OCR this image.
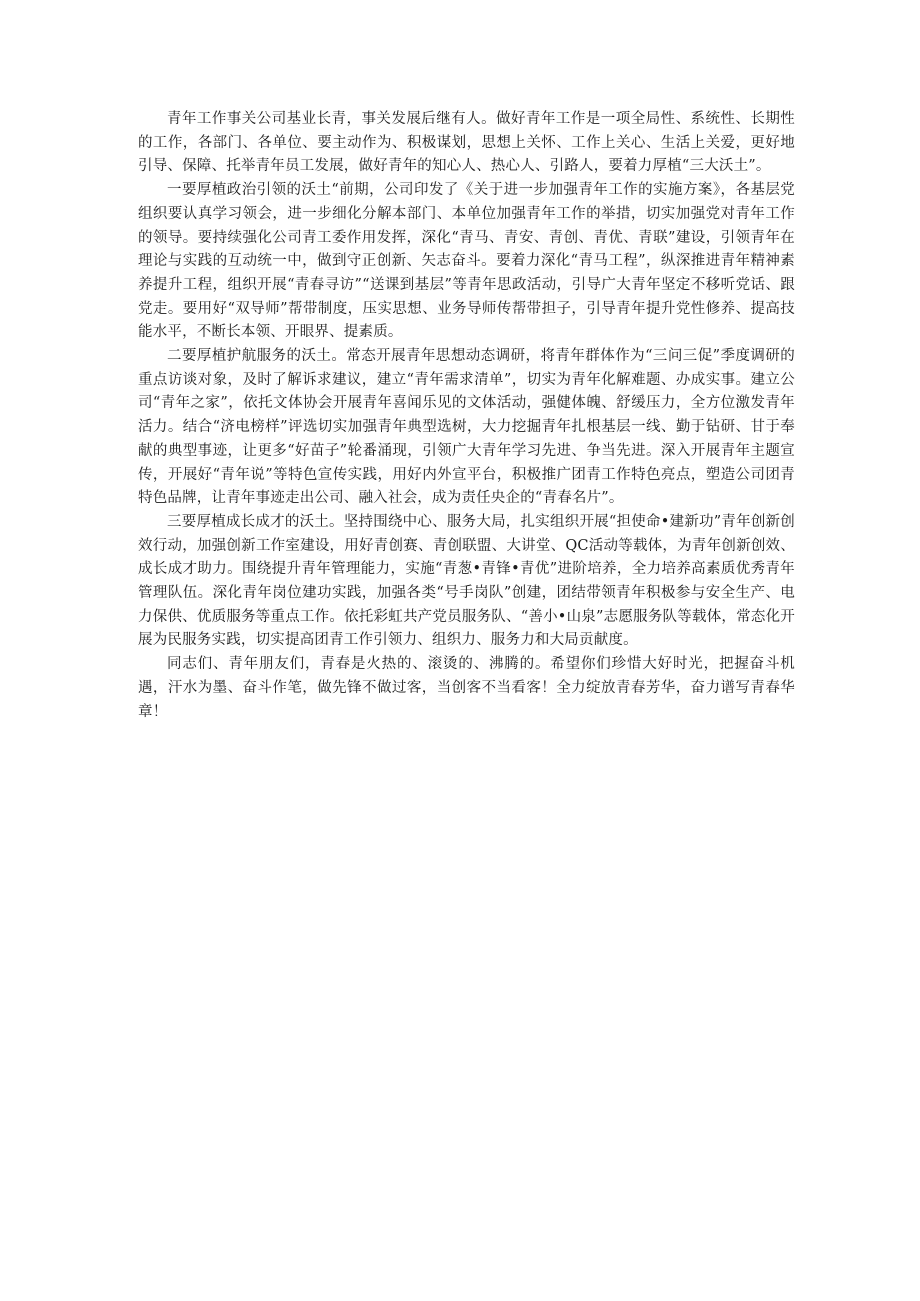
青年工作事关公司基业长青，事关发展后继有人。做好青年工作是一项全局性、系统性、长期性的工作，各部门、各单位、要主动作为、积极谋划，思想上关怀、工作上关心、生活上关爱，更好地引导、保障、托举青年员工发展，做好青年的知心人、热心人、引路人，要着力厚植“三大沃土”。

一要厚植政治引领的沃土“前期，公司印发了《关于进一步加强青年工作的实施方案》，各基层党组织要认真学习领会，进一步细化分解本部门、本单位加强青年工作的举措，切实加强党对青年工作的领导。要持续强化公司青工委作用发挥，深化“青马、青安、青创、青优、青联”建设，引领青年在理论与实践的互动统一中，做到守正创新、矢志奋斗。要着力深化“青马工程”，纵深推进青年精神素养提升工程，组织开展“青春寻访”“送课到基层”等青年思政活动，引导广大青年坚定不移听党话、跟党走。要用好“双导师”帮带制度，压实思想、业务导师传帮带担子，引导青年提升党性修养、提高技能水平，不断长本领、开眼界、提素质。

二要厚植护航服务的沃土。常态开展青年思想动态调研，将青年群体作为“三问三促”季度调研的重点访谈对象，及时了解诉求建议，建立“青年需求清单”，切实为青年化解难题、办成实事。建立公司“青年之家”，依托文体协会开展青年喜闻乐见的文体活动，强健体魄、舒缓压力，全方位激发青年活力。结合“济电榜样”评选切实加强青年典型选树，大力挖掘青年扎根基层一线、勤于钻研、甘于奉献的典型事迹，让更多“好苗子”轮番涌现，引领广大青年学习先进、争当先进。深入开展青年主题宣传，开展好“青年说”等特色宣传实践，用好内外宣平台，积极推广团青工作特色亮点，塑造公司团青特色品牌，让青年事迹走出公司、融入社会，成为责任央企的“青春名片”。

三要厚植成长成才的沃土。坚持围绕中心、服务大局，扎实组织开展“担使命•建新功”青年创新创效行动，加强创新工作室建设，用好青创赛、青创联盟、大讲堂、QC活动等载体，为青年创新创效、成长成才助力。围绕提升青年管理能力，实施“青葱•青锋•青优”进阶培养，全力培养高素质优秀青年管理队伍。深化青年岗位建功实践，加强各类“号手岗队”创建，团结带领青年积极参与安全生产、电力保供、优质服务等重点工作。依托彩虹共产党员服务队、“善小•山泉”志愿服务队等载体，常态化开展为民服务实践，切实提高团青工作引领力、组织力、服务力和大局贡献度。

同志们、青年朋友们，青春是火热的、滚烫的、沸腾的。希望你们珍惜大好时光，把握奋斗机遇，汗水为墨、奋斗作笔，做先锋不做过客，当创客不当看客！全力绽放青春芳华，奋力谱写青春华章！
